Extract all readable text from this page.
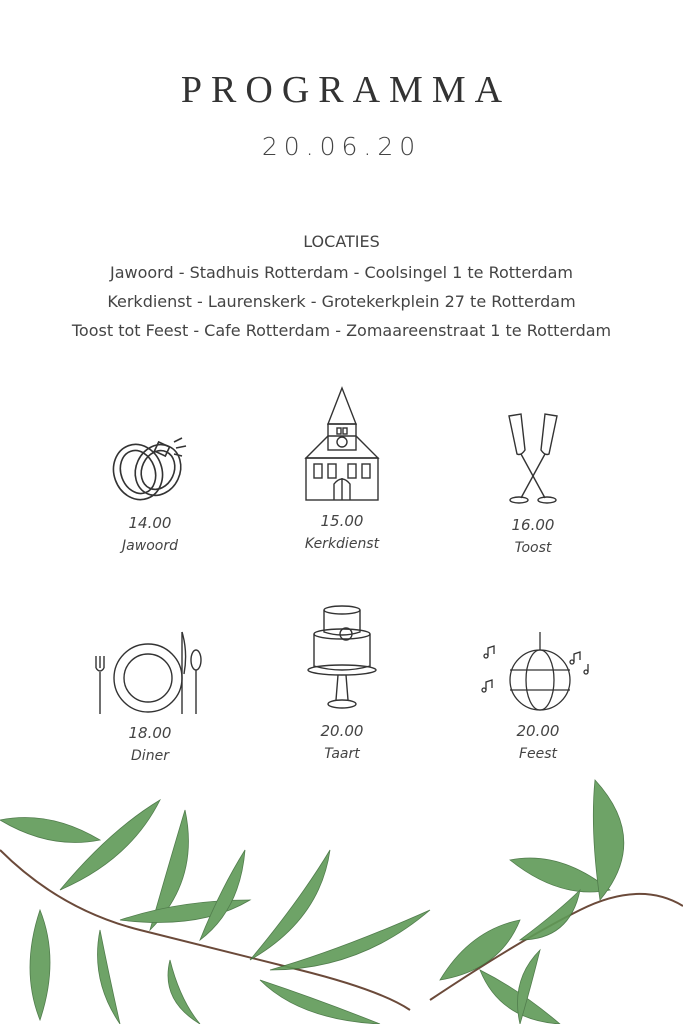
PROGRAMMA
20.06.20
LOCATIES
Jawoord - Stadhuis Rotterdam - Coolsingel 1 te Rotterdam
Kerkdienst - Laurenskerk - Grotekerkplein 27 te Rotterdam
Toost tot Feest - Cafe Rotterdam - Zomaareenstraat 1 te Rotterdam
14.00
Jawoord
15.00
Kerkdienst
16.00
Toost
18.00
Diner
20.00
Taart
20.00
Feest
